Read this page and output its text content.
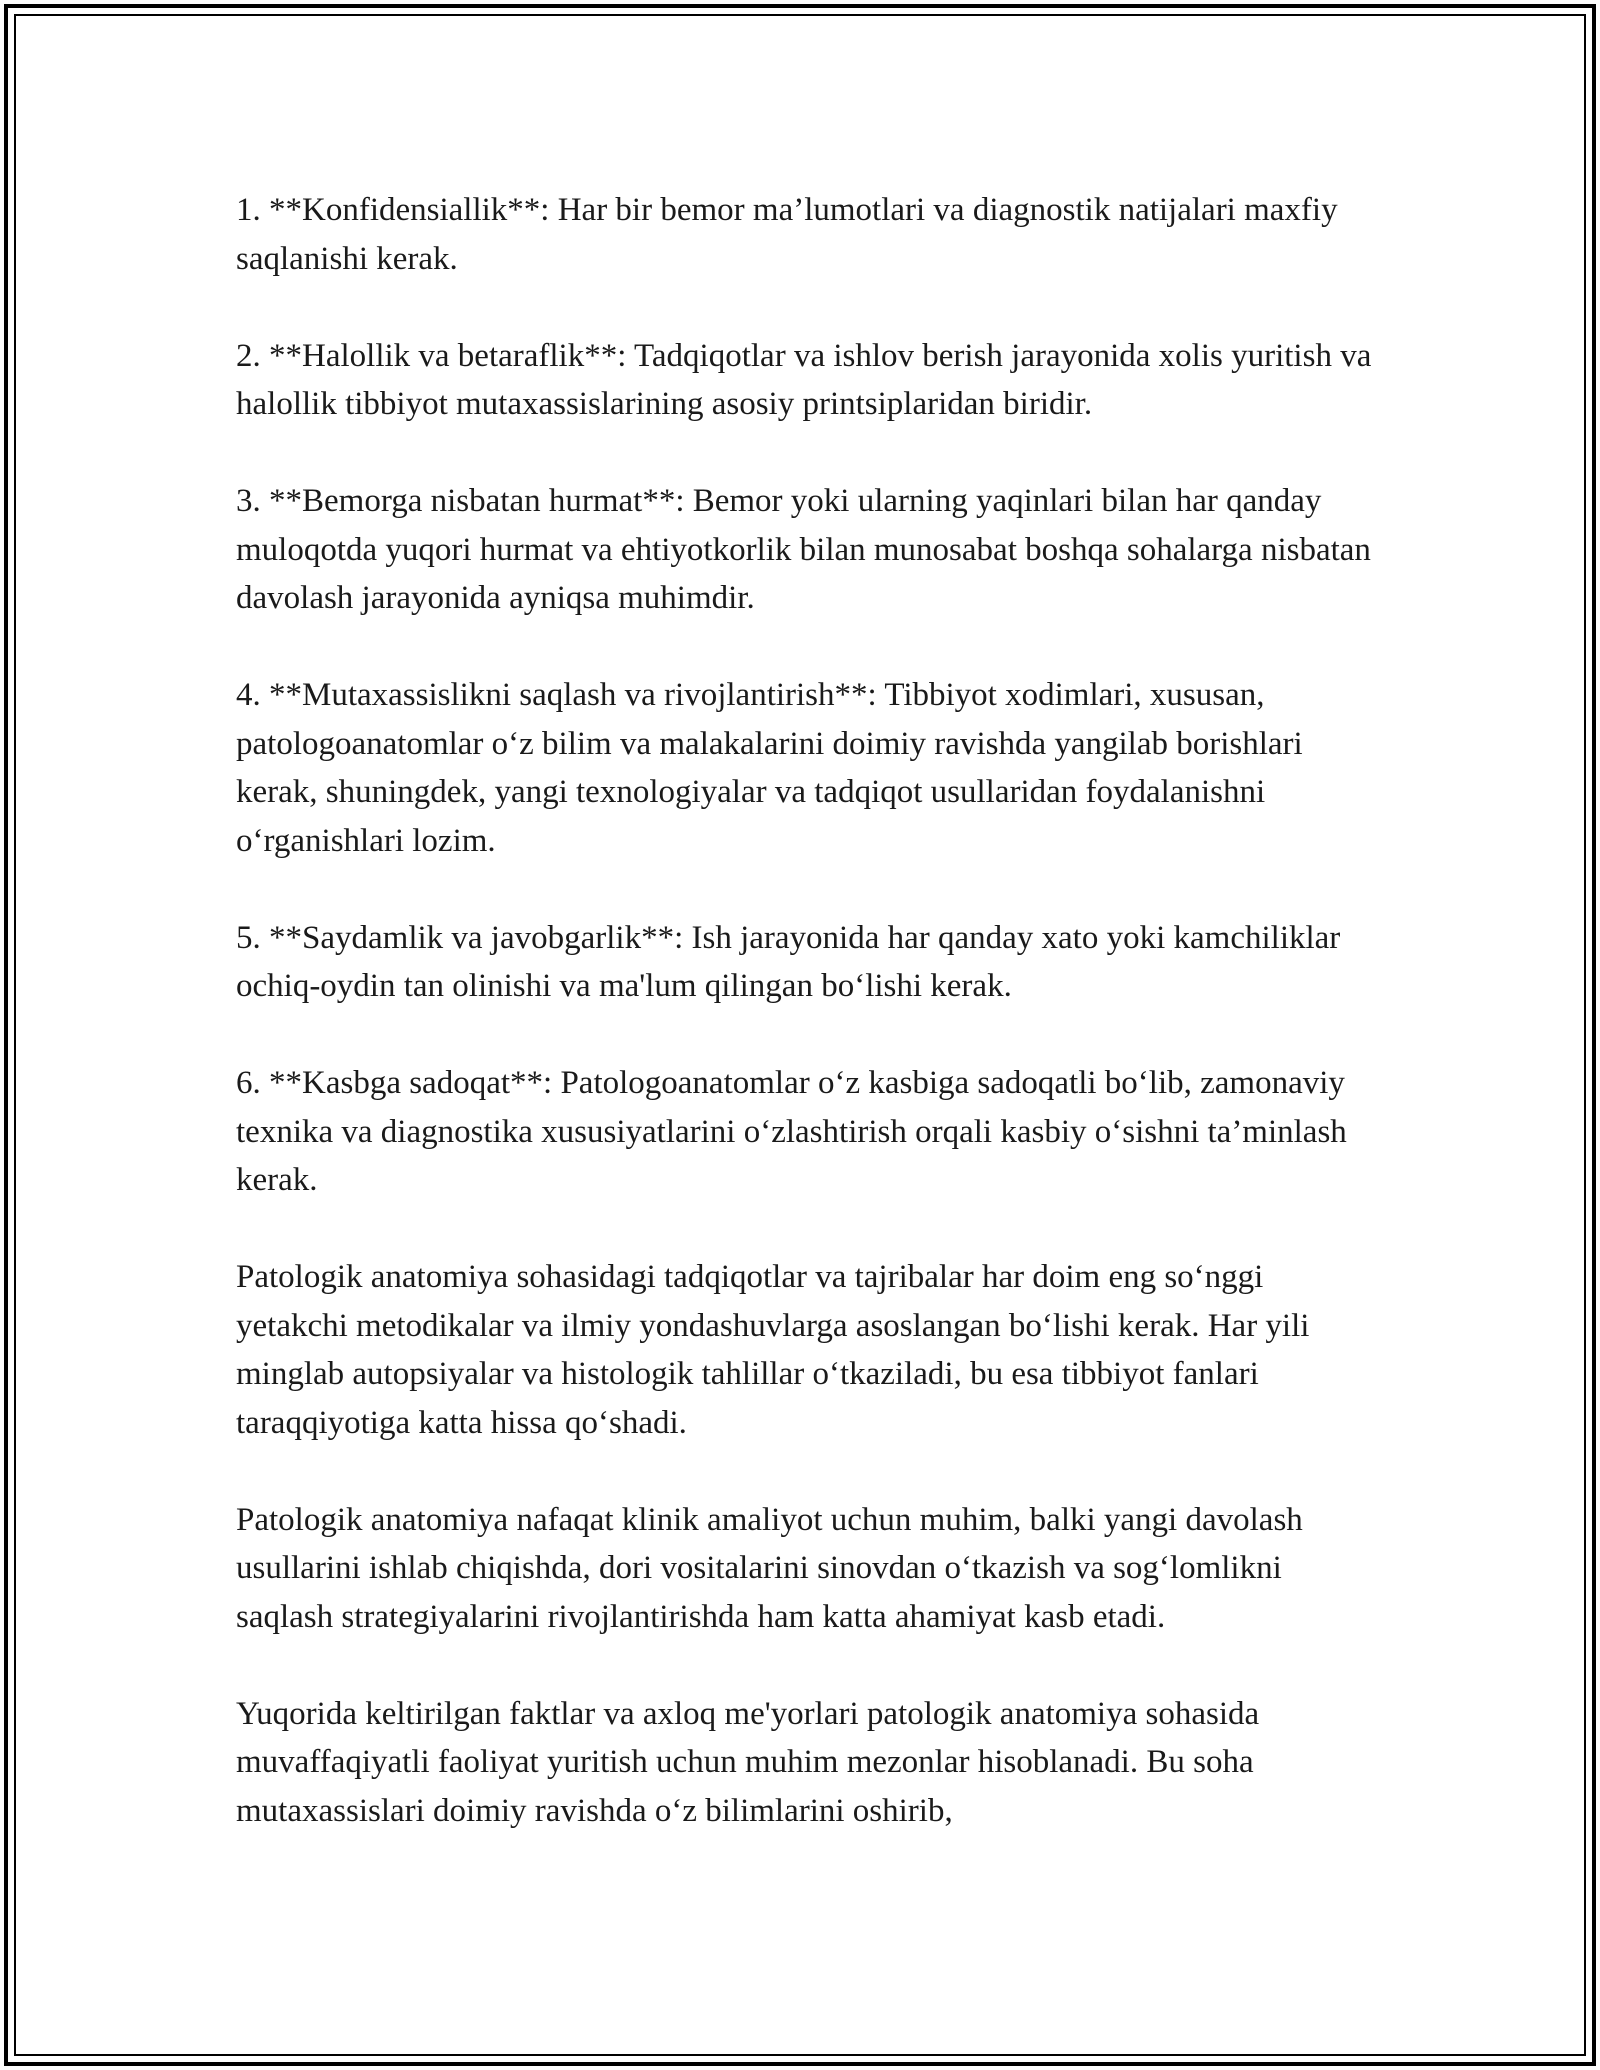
1. **Konfidensiallik**: Har bir bemor ma’lumotlari va diagnostik natijalari maxfiy saqlanishi kerak.

2. **Halollik va betaraflik**: Tadqiqotlar va ishlov berish jarayonida xolis yuritish va halollik tibbiyot mutaxassislarining asosiy printsiplaridan biridir.

3. **Bemorga nisbatan hurmat**: Bemor yoki ularning yaqinlari bilan har qanday muloqotda yuqori hurmat va ehtiyotkorlik bilan munosabat boshqa sohalarga nisbatan davolash jarayonida ayniqsa muhimdir.

4. **Mutaxassislikni saqlash va rivojlantirish**: Tibbiyot xodimlari, xususan, patologoanatomlar o‘z bilim va malakalarini doimiy ravishda yangilab borishlari kerak, shuningdek, yangi texnologiyalar va tadqiqot usullaridan foydalanishni o‘rganishlari lozim.

5. **Saydamlik va javobgarlik**: Ish jarayonida har qanday xato yoki kamchiliklar ochiq-oydin tan olinishi va ma'lum qilingan bo‘lishi kerak.

6. **Kasbga sadoqat**: Patologoanatomlar o‘z kasbiga sadoqatli bo‘lib, zamonaviy texnika va diagnostika xususiyatlarini o‘zlashtirish orqali kasbiy o‘sishni ta’minlash kerak.

Patologik anatomiya sohasidagi tadqiqotlar va tajribalar har doim eng so‘nggi yetakchi metodikalar va ilmiy yondashuvlarga asoslangan bo‘lishi kerak. Har yili minglab autopsiyalar va histologik tahlillar o‘tkaziladi, bu esa tibbiyot fanlari taraqqiyotiga katta hissa qo‘shadi.

Patologik anatomiya nafaqat klinik amaliyot uchun muhim, balki yangi davolash usullarini ishlab chiqishda, dori vositalarini sinovdan o‘tkazish va sog‘lomlikni saqlash strategiyalarini rivojlantirishda ham katta ahamiyat kasb etadi.

Yuqorida keltirilgan faktlar va axloq me'yorlari patologik anatomiya sohasida muvaffaqiyatli faoliyat yuritish uchun muhim mezonlar hisoblanadi. Bu soha mutaxassislari doimiy ravishda o‘z bilimlarini oshirib,
